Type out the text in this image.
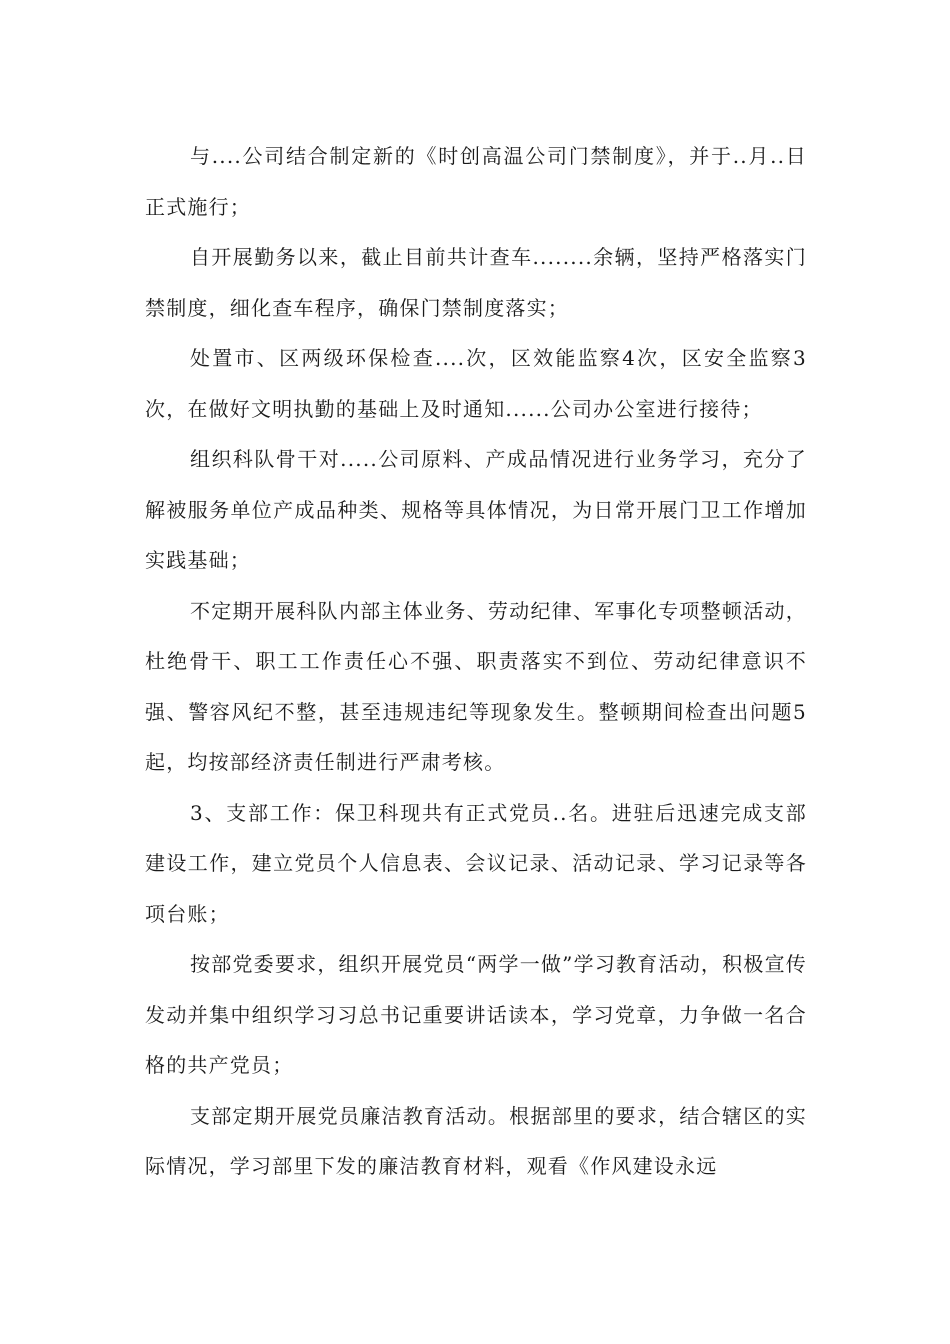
与....公司结合制定新的《时创高温公司门禁制度》，并于..月..日正式施行；

自开展勤务以来，截止目前共计查车........余辆，坚持严格落实门禁制度，细化查车程序，确保门禁制度落实；

处置市、区两级环保检查....次，区效能监察4次，区安全监察3次，在做好文明执勤的基础上及时通知......公司办公室进行接待；

组织科队骨干对.....公司原料、产成品情况进行业务学习，充分了解被服务单位产成品种类、规格等具体情况，为日常开展门卫工作增加实践基础；

不定期开展科队内部主体业务、劳动纪律、军事化专项整顿活动，杜绝骨干、职工工作责任心不强、职责落实不到位、劳动纪律意识不强、警容风纪不整，甚至违规违纪等现象发生。整顿期间检查出问题5起，均按部经济责任制进行严肃考核。

3、支部工作：保卫科现共有正式党员..名。进驻后迅速完成支部建设工作，建立党员个人信息表、会议记录、活动记录、学习记录等各项台账；

按部党委要求，组织开展党员“两学一做”学习教育活动，积极宣传发动并集中组织学习习总书记重要讲话读本，学习党章，力争做一名合格的共产党员；

支部定期开展党员廉洁教育活动。根据部里的要求，结合辖区的实际情况，学习部里下发的廉洁教育材料，观看《作风建设永远
